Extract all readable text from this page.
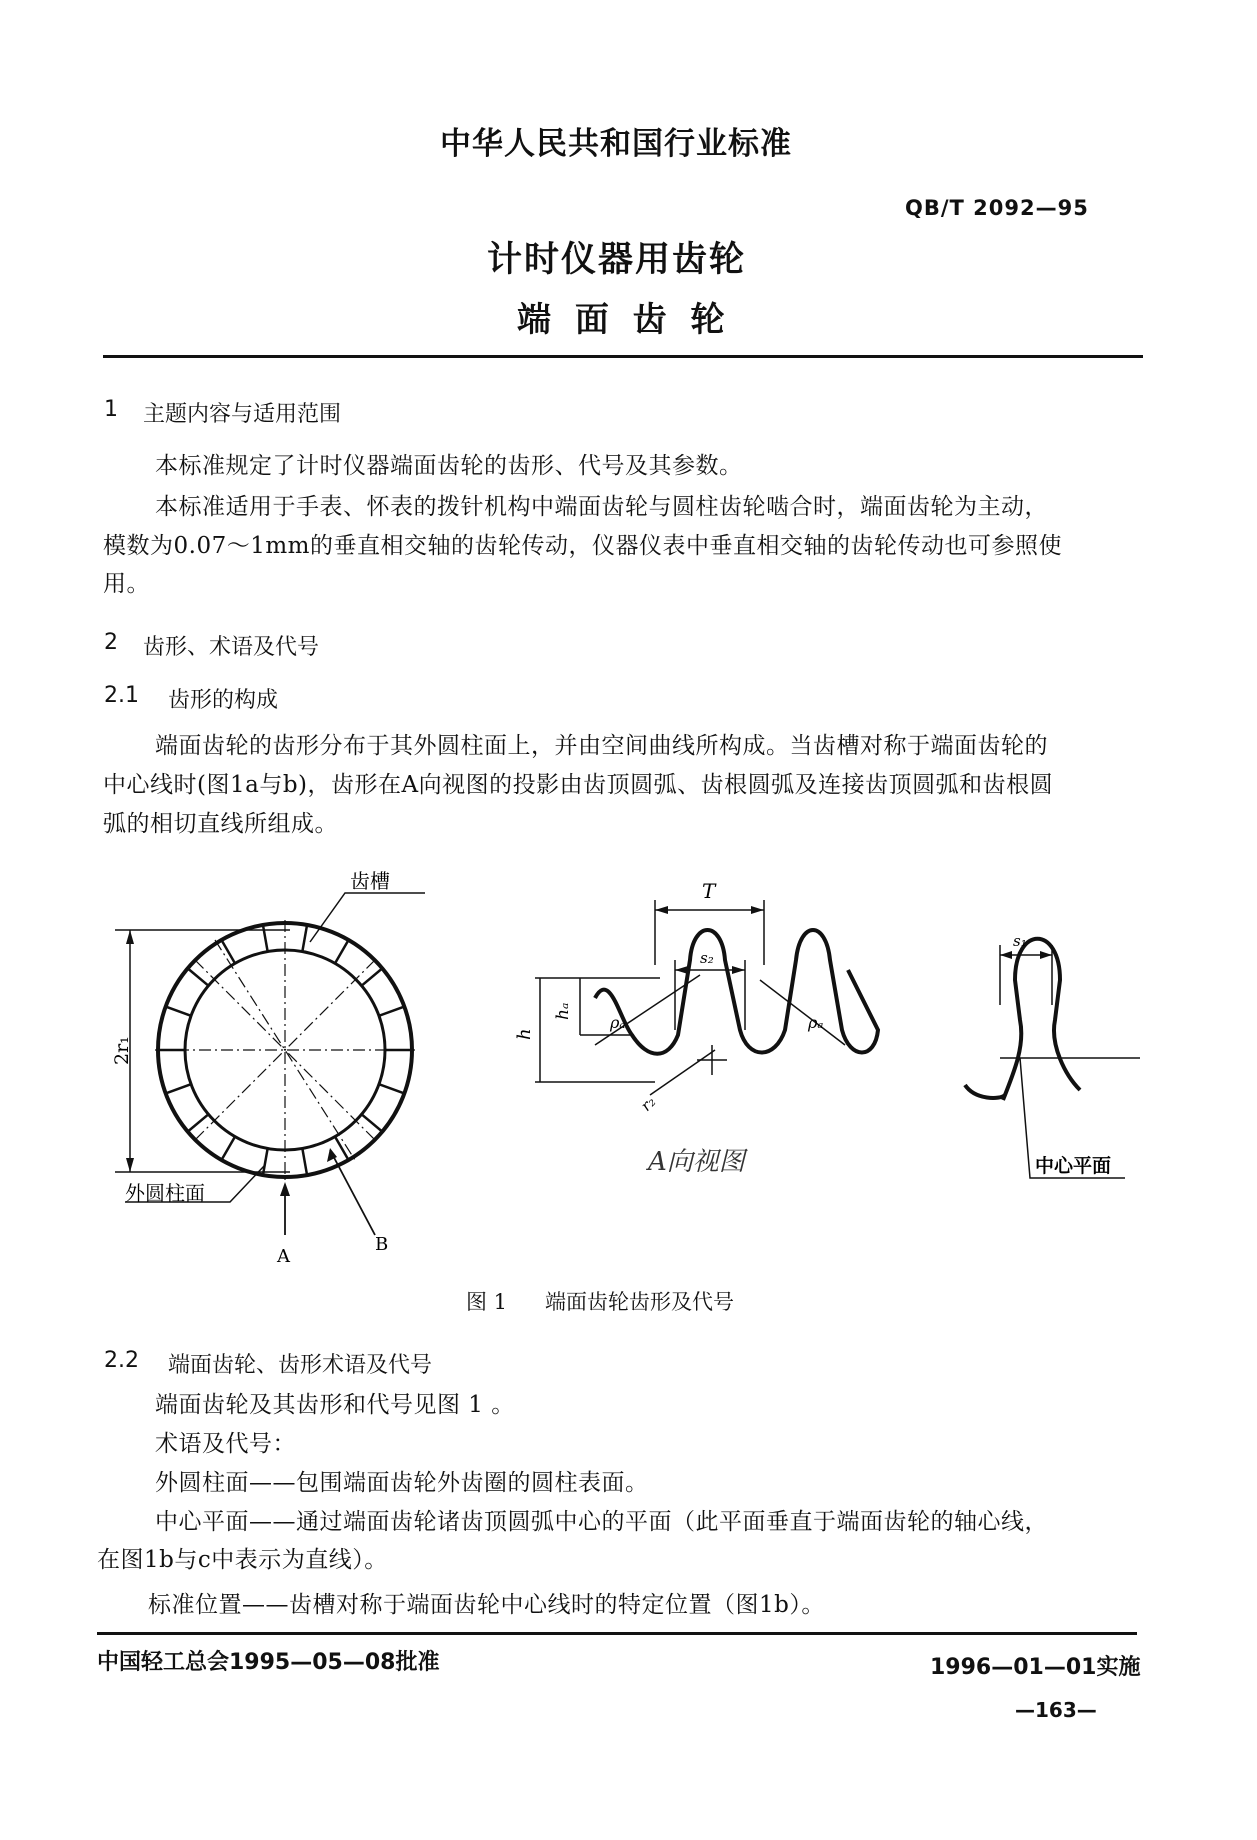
中华人民共和国行业标准
QB/T 2092—95
计时仪器用齿轮
端 面 齿 轮
1 主题内容与适用范围
本标准规定了计时仪器端面齿轮的齿形、代号及其参数。
本标准适用于手表、怀表的拨针机构中端面齿轮与圆柱齿轮啮合时，端面齿轮为主动，
模数为0.07～1mm的垂直相交轴的齿轮传动，仪器仪表中垂直相交轴的齿轮传动也可参照使
用。
2 齿形、术语及代号
2.1 齿形的构成
端面齿轮的齿形分布于其外圆柱面上，并由空间曲线所构成。当齿槽对称于端面齿轮的
中心线时(图1a与b)，齿形在A向视图的投影由齿顶圆弧、齿根圆弧及连接齿顶圆弧和齿根圆
弧的相切直线所组成。
齿槽
2r₁
外圆柱面
A
B
T
s₂
hₐ
h
ρₐ	ρₐ
r₂
A向视图
s₁
中心平面
图 1 端面齿轮齿形及代号
2.2 端面齿轮、齿形术语及代号
端面齿轮及其齿形和代号见图 1 。
术语及代号：
外圆柱面——包围端面齿轮外齿圈的圆柱表面。
中心平面——通过端面齿轮诸齿顶圆弧中心的平面（此平面垂直于端面齿轮的轴心线，
在图1b与c中表示为直线）。
标准位置——齿槽对称于端面齿轮中心线时的特定位置（图1b）。
中国轻工总会1995—05—08批准	1996—01—01实施
—163—
